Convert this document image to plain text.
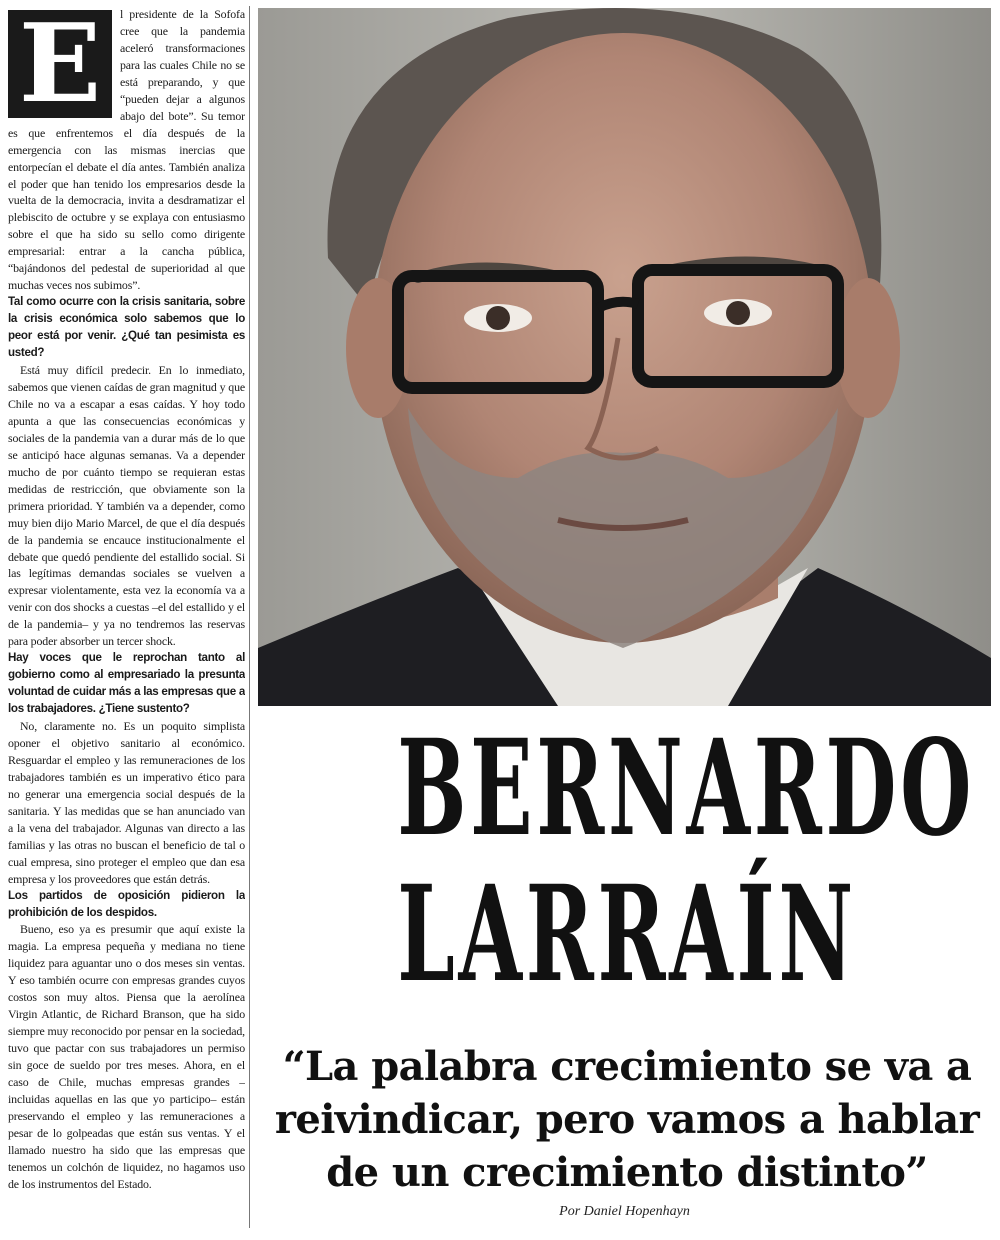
E	l presidente de la Sofofa cree que la pandemia aceleró transformaciones para las cuales Chile no se está preparando, y que “pueden dejar a algunos abajo del bote”. Su temor es que enfrentemos el día después de la emergencia con las mismas inercias que entorpecían el debate el día antes. También analiza el poder que han tenido los empresarios desde la vuelta de la democracia, invita a desdramatizar el plebiscito de octubre y se explaya con entusiasmo sobre el que ha sido su sello como dirigente empresarial: entrar a la cancha pública, “bajándonos del pedestal de superioridad al que muchas veces nos subimos”.

Tal como ocurre con la crisis sanitaria, sobre la crisis económica solo sabemos que lo peor está por venir. ¿Qué tan pesimista es usted?

Está muy difícil predecir. En lo inmediato, sabemos que vienen caídas de gran magnitud y que Chile no va a escapar a esas caídas. Y hoy todo apunta a que las consecuencias económicas y sociales de la pandemia van a durar más de lo que se anticipó hace algunas semanas. Va a depender mucho de por cuánto tiempo se requieran estas medidas de restricción, que obviamente son la primera prioridad. Y también va a depender, como muy bien dijo Mario Marcel, de que el día después de la pandemia se encauce institucionalmente el debate que quedó pendiente del estallido social. Si las legítimas demandas sociales se vuelven a expresar violentamente, esta vez la economía va a venir con dos shocks a cuestas –el del estallido y el de la pandemia– y ya no tendremos las reservas para poder absorber un tercer shock.

Hay voces que le reprochan tanto al gobierno como al empresariado la presunta voluntad de cuidar más a las empresas que a los trabajadores. ¿Tiene sustento?

No, claramente no. Es un poquito simplista oponer el objetivo sanitario al económico. Resguardar el empleo y las remuneraciones de los trabajadores también es un imperativo ético para no generar una emergencia social después de la sanitaria. Y las medidas que se han anunciado van a la vena del trabajador. Algunas van directo a las familias y las otras no buscan el beneficio de tal o cual empresa, sino proteger el empleo que dan esa empresa y los proveedores que están detrás.

Los partidos de oposición pidieron la prohibición de los despidos.

Bueno, eso ya es presumir que aquí existe la magia. La empresa pequeña y mediana no tiene liquidez para aguantar uno o dos meses sin ventas. Y eso también ocurre con empresas grandes cuyos costos son muy altos. Piensa que la aerolínea Virgin Atlantic, de Richard Branson, que ha sido siempre muy reconocido por pensar en la sociedad, tuvo que pactar con sus trabajadores un permiso sin goce de sueldo por tres meses. Ahora, en el caso de Chile, muchas empresas grandes –incluidas aquellas en las que yo participo– están preservando el empleo y las remuneraciones a pesar de lo golpeadas que están sus ventas. Y el llamado nuestro ha sido que las empresas que tenemos un colchón de liquidez, no hagamos uso de los instrumentos del Estado.

BERNARDO
LARRAÍN
“La palabra crecimiento se va a reivindicar, pero vamos a hablar de un crecimiento distinto”
Por Daniel Hopenhayn
